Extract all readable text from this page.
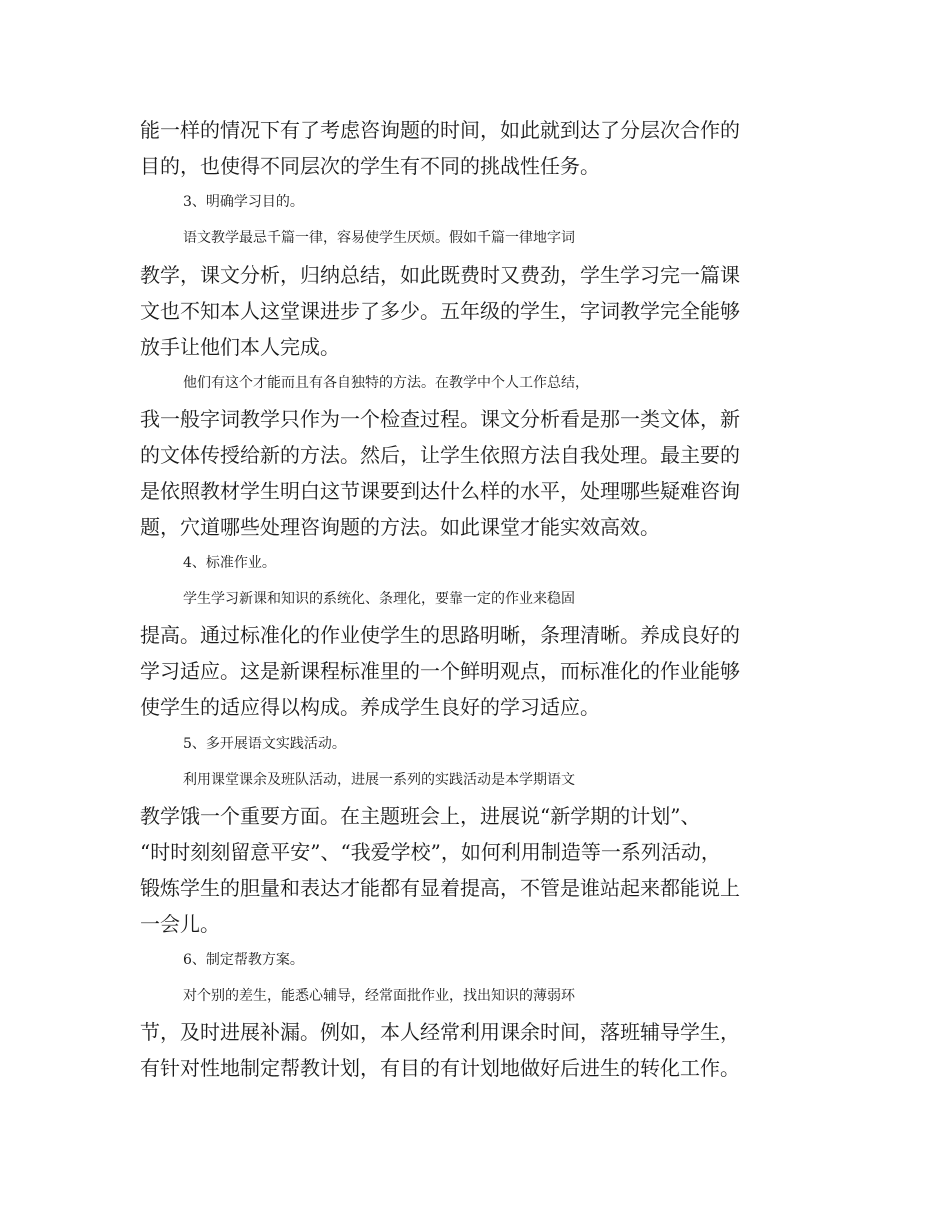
能一样的情况下有了考虑咨询题的时间，如此就到达了分层次合作的
目的，也使得不同层次的学生有不同的挑战性任务。
3、明确学习目的。
语文教学最忌千篇一律，容易使学生厌烦。假如千篇一律地字词
教学，课文分析，归纳总结，如此既费时又费劲，学生学习完一篇课
文也不知本人这堂课进步了多少。五年级的学生，字词教学完全能够
放手让他们本人完成。
他们有这个才能而且有各自独特的方法。在教学中个人工作总结，
我一般字词教学只作为一个检查过程。课文分析看是那一类文体，新
的文体传授给新的方法。然后，让学生依照方法自我处理。最主要的
是依照教材学生明白这节课要到达什么样的水平，处理哪些疑难咨询
题，穴道哪些处理咨询题的方法。如此课堂才能实效高效。
4、标准作业。
学生学习新课和知识的系统化、条理化，要靠一定的作业来稳固
提高。通过标准化的作业使学生的思路明晰，条理清晰。养成良好的
学习适应。这是新课程标准里的一个鲜明观点，而标准化的作业能够
使学生的适应得以构成。养成学生良好的学习适应。
5、多开展语文实践活动。
利用课堂课余及班队活动，进展一系列的实践活动是本学期语文
教学饿一个重要方面。在主题班会上，进展说“新学期的计划”、
“时时刻刻留意平安”、“我爱学校”，如何利用制造等一系列活动，
锻炼学生的胆量和表达才能都有显着提高，不管是谁站起来都能说上
一会儿。
6、制定帮教方案。
对个别的差生，能悉心辅导，经常面批作业，找出知识的薄弱环
节，及时进展补漏。例如，本人经常利用课余时间，落班辅导学生，
有针对性地制定帮教计划，有目的有计划地做好后进生的转化工作。
